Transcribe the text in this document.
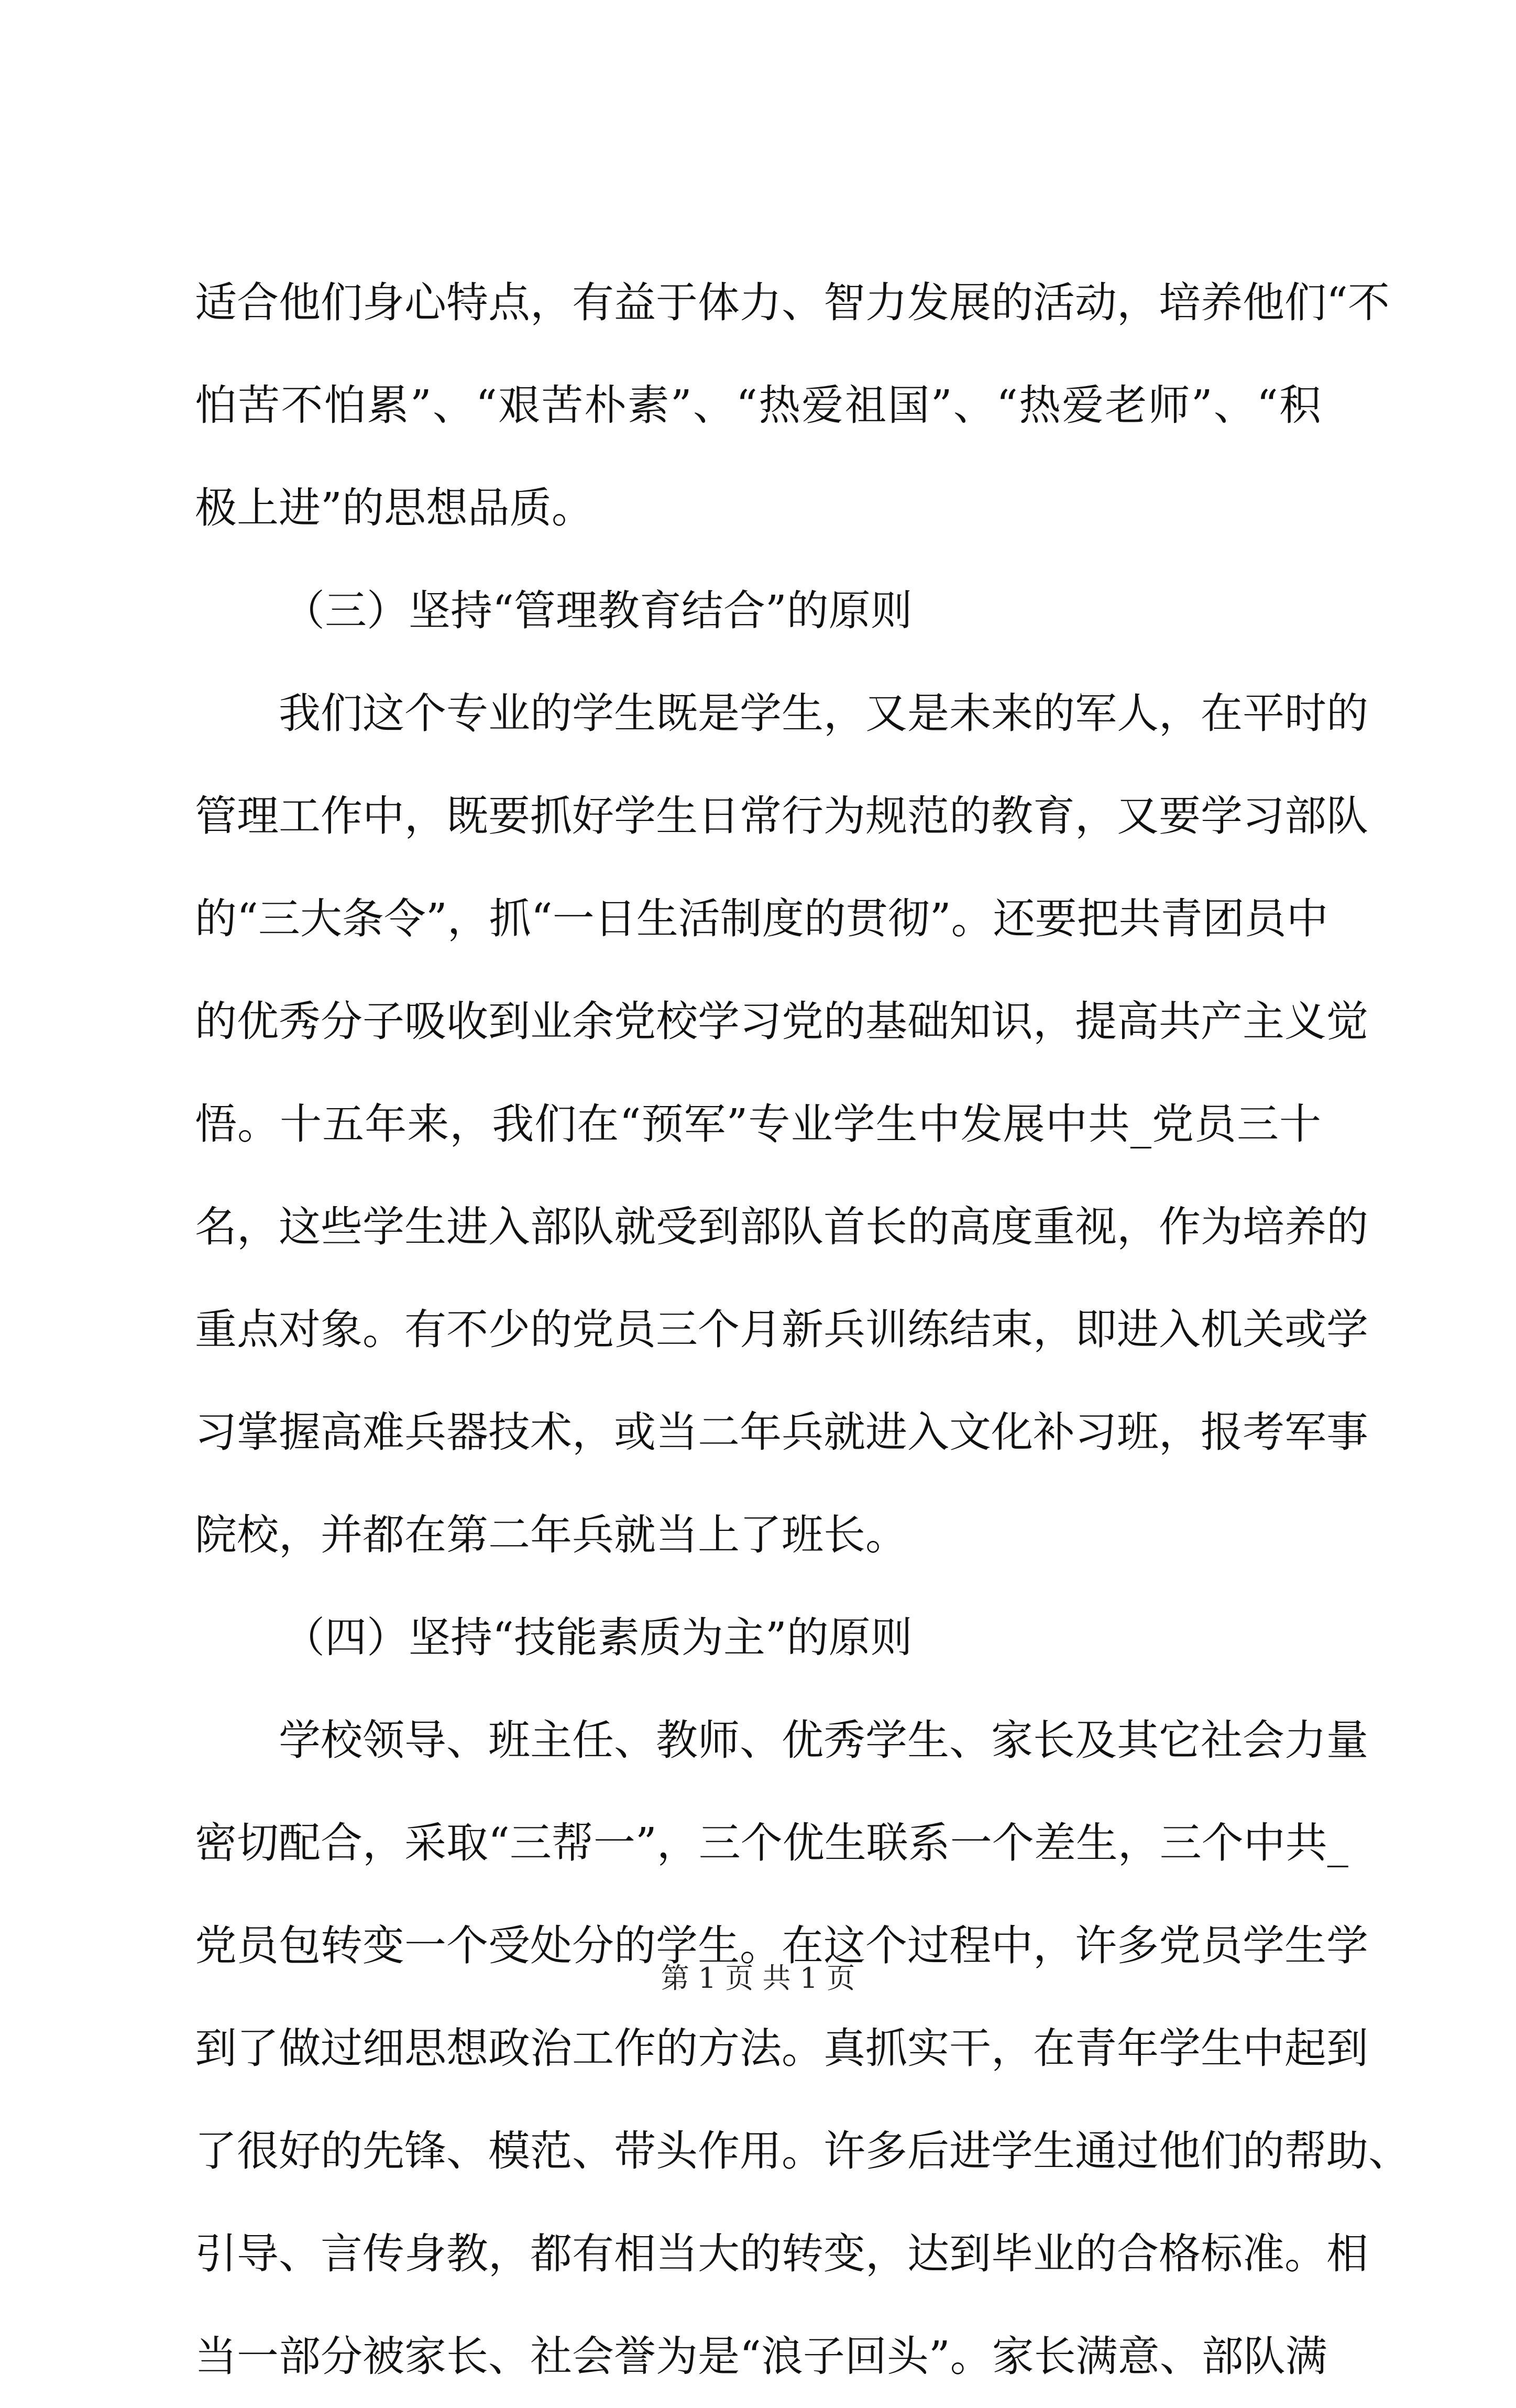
适合他们身心特点，有益于体力、智力发展的活动，培养他们“不
怕苦不怕累”、“艰苦朴素”、“热爱祖国”、“热爱老师”、“积
极上进”的思想品质。
（三）坚持“管理教育结合”的原则
我们这个专业的学生既是学生，又是未来的军人，在平时的
管理工作中，既要抓好学生日常行为规范的教育，又要学习部队
的“三大条令”，抓“一日生活制度的贯彻”。还要把共青团员中
的优秀分子吸收到业余党校学习党的基础知识，提高共产主义觉
悟。十五年来，我们在“预军”专业学生中发展中共_党员三十
名，这些学生进入部队就受到部队首长的高度重视，作为培养的
重点对象。有不少的党员三个月新兵训练结束，即进入机关或学
习掌握高难兵器技术，或当二年兵就进入文化补习班，报考军事
院校，并都在第二年兵就当上了班长。
（四）坚持“技能素质为主”的原则
学校领导、班主任、教师、优秀学生、家长及其它社会力量
密切配合，采取“三帮一”，三个优生联系一个差生，三个中共_
党员包转变一个受处分的学生。在这个过程中，许多党员学生学
到了做过细思想政治工作的方法。真抓实干，在青年学生中起到
了很好的先锋、模范、带头作用。许多后进学生通过他们的帮助、
引导、言传身教，都有相当大的转变，达到毕业的合格标准。相
当一部分被家长、社会誉为是“浪子回头”。家长满意、部队满
第 1 页 共 1 页
